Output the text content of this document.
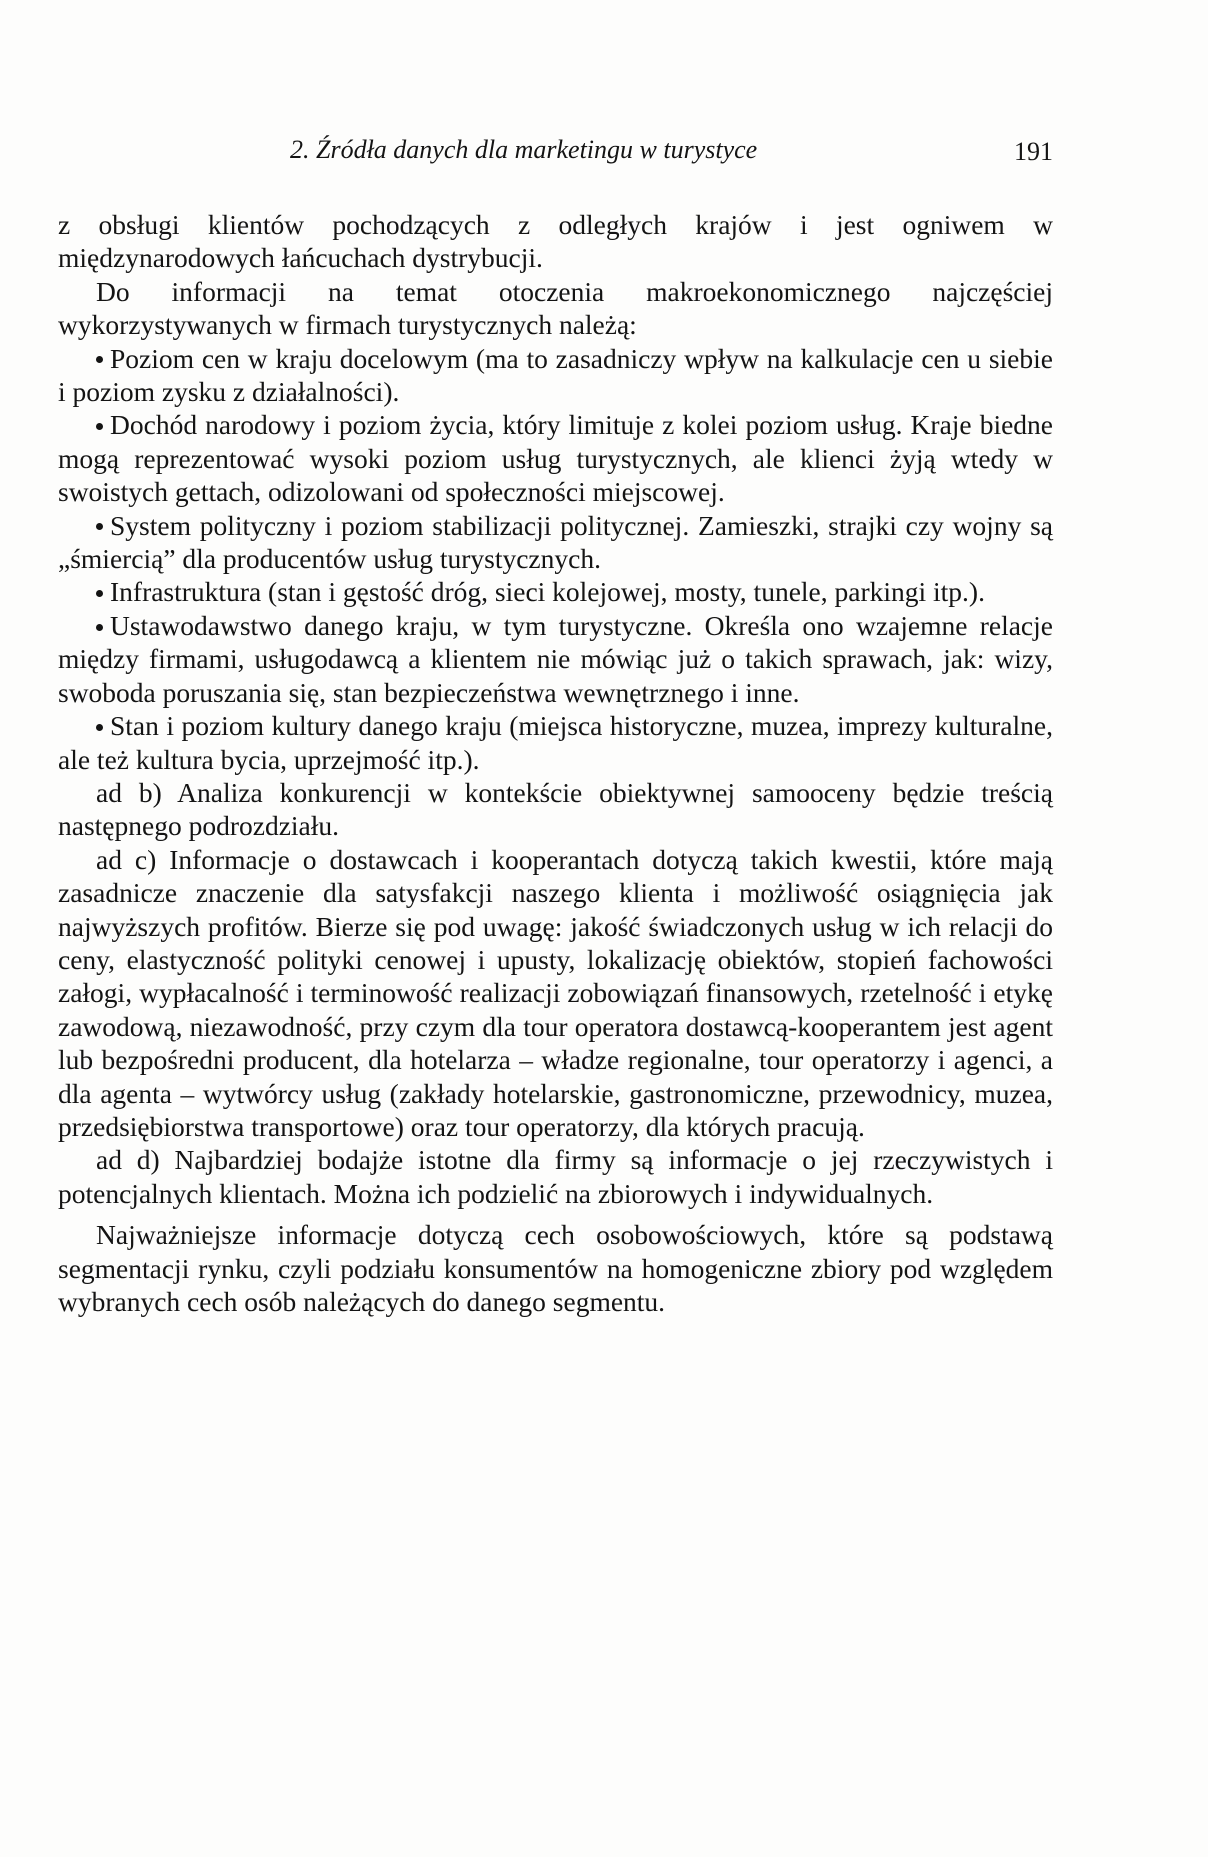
2. Źródła danych dla marketingu w turystyce	191

z obsługi klientów pochodzących z odległych krajów i jest ogniwem w międzynarodowych łańcuchach dystrybucji.

Do informacji na temat otoczenia makroekonomicznego najczęściej wykorzystywanych w firmach turystycznych należą:

Poziom cen w kraju docelowym (ma to zasadniczy wpływ na kalkulacje cen u siebie i poziom zysku z działalności).

Dochód narodowy i poziom życia, który limituje z kolei poziom usług. Kraje biedne mogą reprezentować wysoki poziom usług turystycznych, ale klienci żyją wtedy w swoistych gettach, odizolowani od społeczności miejscowej.

System polityczny i poziom stabilizacji politycznej. Zamieszki, strajki czy wojny są „śmiercią” dla producentów usług turystycznych.

Infrastruktura (stan i gęstość dróg, sieci kolejowej, mosty, tunele, parkingi itp.).

Ustawodawstwo danego kraju, w tym turystyczne. Określa ono wzajemne relacje między firmami, usługodawcą a klientem nie mówiąc już o takich sprawach, jak: wizy, swoboda poruszania się, stan bezpieczeństwa wewnętrznego i inne.

Stan i poziom kultury danego kraju (miejsca historyczne, muzea, imprezy kulturalne, ale też kultura bycia, uprzejmość itp.).

ad b) Analiza konkurencji w kontekście obiektywnej samooceny będzie treścią następnego podrozdziału.

ad c) Informacje o dostawcach i kooperantach dotyczą takich kwestii, które mają zasadnicze znaczenie dla satysfakcji naszego klienta i możliwość osiągnięcia jak najwyższych profitów. Bierze się pod uwagę: jakość świadczonych usług w ich relacji do ceny, elastyczność polityki cenowej i upusty, lokalizację obiektów, stopień fachowości załogi, wypłacalność i terminowość realizacji zobowiązań finansowych, rzetelność i etykę zawodową, niezawodność, przy czym dla tour operatora dostawcą-kooperantem jest agent lub bezpośredni producent, dla hotelarza – władze regionalne, tour operatorzy i agenci, a dla agenta – wytwórcy usług (zakłady hotelarskie, gastronomiczne, przewodnicy, muzea, przedsiębiorstwa transportowe) oraz tour operatorzy, dla których pracują.

ad d) Najbardziej bodajże istotne dla firmy są informacje o jej rzeczywistych i potencjalnych klientach. Można ich podzielić na zbiorowych i indywidualnych.

Najważniejsze informacje dotyczą cech osobowościowych, które są podstawą segmentacji rynku, czyli podziału konsumentów na homogeniczne zbiory pod względem wybranych cech osób należących do danego segmentu.
